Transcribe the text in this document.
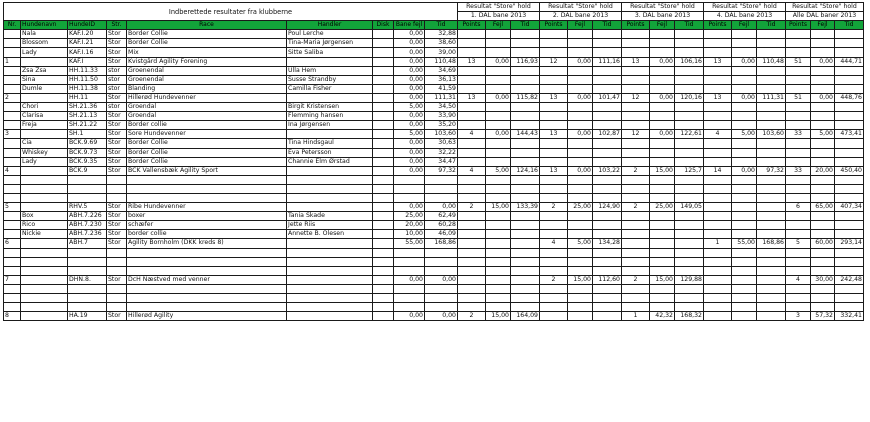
Indberettede resultater fra klubberne									Resultat "Store" hold			Resultat "Store" hold			Resultat "Store" hold			Resultat "Store" hold			Resultat "Store" hold		
									1. DAL bane 2013			2. DAL bane 2013			3. DAL bane 2013			4. DAL bane 2013			Alle DAL baner 2013		
Nr.	Hundenavn	HundeID	Str.	Race	Handler	Disk	Bane fejl	Tid	Points	Fejl	Tid	Points	Fejl	Tid	Points	Fejl	Tid	Points	Fejl	Tid	Points	Fejl	Tid
	Nala	KAF.I.20	Stor	Border Collie	Poul Lerche		0,00	32,88															
	Blossom	KAF.I.21	Stor	Border Collie	Tina-Maria Jørgensen		0,00	38,60															
	Lady	KAF.I.16	Stor	Mix	Sitte Saliba		0,00	39,00															
1		KAF.I	Stor	Kvistgård Agility Forening			0,00	110,48	13	0,00	116,93	12	0,00	111,16	13	0,00	106,16	13	0,00	110,48	51	0,00	444,71
	Zsa Zsa	HH.11.33	stor	Groenendal	Ulla Hem		0,00	34,69															
	Sina	HH.11.50	stor	Groenendal	Susse Strandby		0,00	36,13															
	Dumle	HH.11.38	stor	Blanding	Camilla Fisher		0,00	41,59															
2		HH.11	Stor	Hillerød Hundevenner			0,00	111,31	13	0,00	115,82	13	0,00	101,47	12	0,00	120,16	13	0,00	111,31	51	0,00	448,76
	Chori	SH.21.36	stor	Groendal	Birgit Kristensen		5,00	34,50															
	Clarisa	SH.21.13	Stor	Groendal	Flemming hansen		0,00	33,90															
	Freja	SH.21.22	Stor	Border collie	Ina Jørgensen		0,00	35,20															
3		SH.1	Stor	Sore Hundevenner			5,00	103,60	4	0,00	144,43	13	0,00	102,87	12	0,00	122,61	4	5,00	103,60	33	5,00	473,41
	Cia	BCK.9.69	Stor	Border Collie	Tina Hindsgaul		0,00	30,63															
	Whiskey	BCK.9.73	Stor	Border Collie	Eva Petersson		0,00	32,22															
	Lady	BCK.9.35	Stor	Border Collie	Channie Elm Ørstad		0,00	34,47															
4		BCK.9	Stor	BCK Vallensbæk Agility Sport			0,00	97,32	4	5,00	124,16	13	0,00	103,22	2	15,00	125,7	14	0,00	97,32	33	20,00	450,40

5		RHV.5	Stor	Ribe Hundevenner			0,00	0,00	2	15,00	133,39	2	25,00	124,90	2	25,00	149,05				6	65,00	407,34
	Box	ABH.7.226	Stor	boxer	Tania Skade		25,00	62,49															
	Rico	ABH.7.230	Stor	schæfer	Jette Riis		20,00	60,28															
	Nickie	ABH.7.236	Stor	border collie	Annette B. Olesen		10,00	46,09															
6		ABH.7	Stor	Agility Bornholm (DKK kreds 8)			55,00	168,86				4	5,00	134,28				1	55,00	168,86	5	60,00	293,14

7		DHN.8.	Stor	DcH Næstved med venner			0,00	0,00				2	15,00	112,60	2	15,00	129,88				4	30,00	242,48

8		HA.19	Stor	Hillerød Agility			0,00	0,00	2	15,00	164,09				1	42,32	168,32				3	57,32	332,41
